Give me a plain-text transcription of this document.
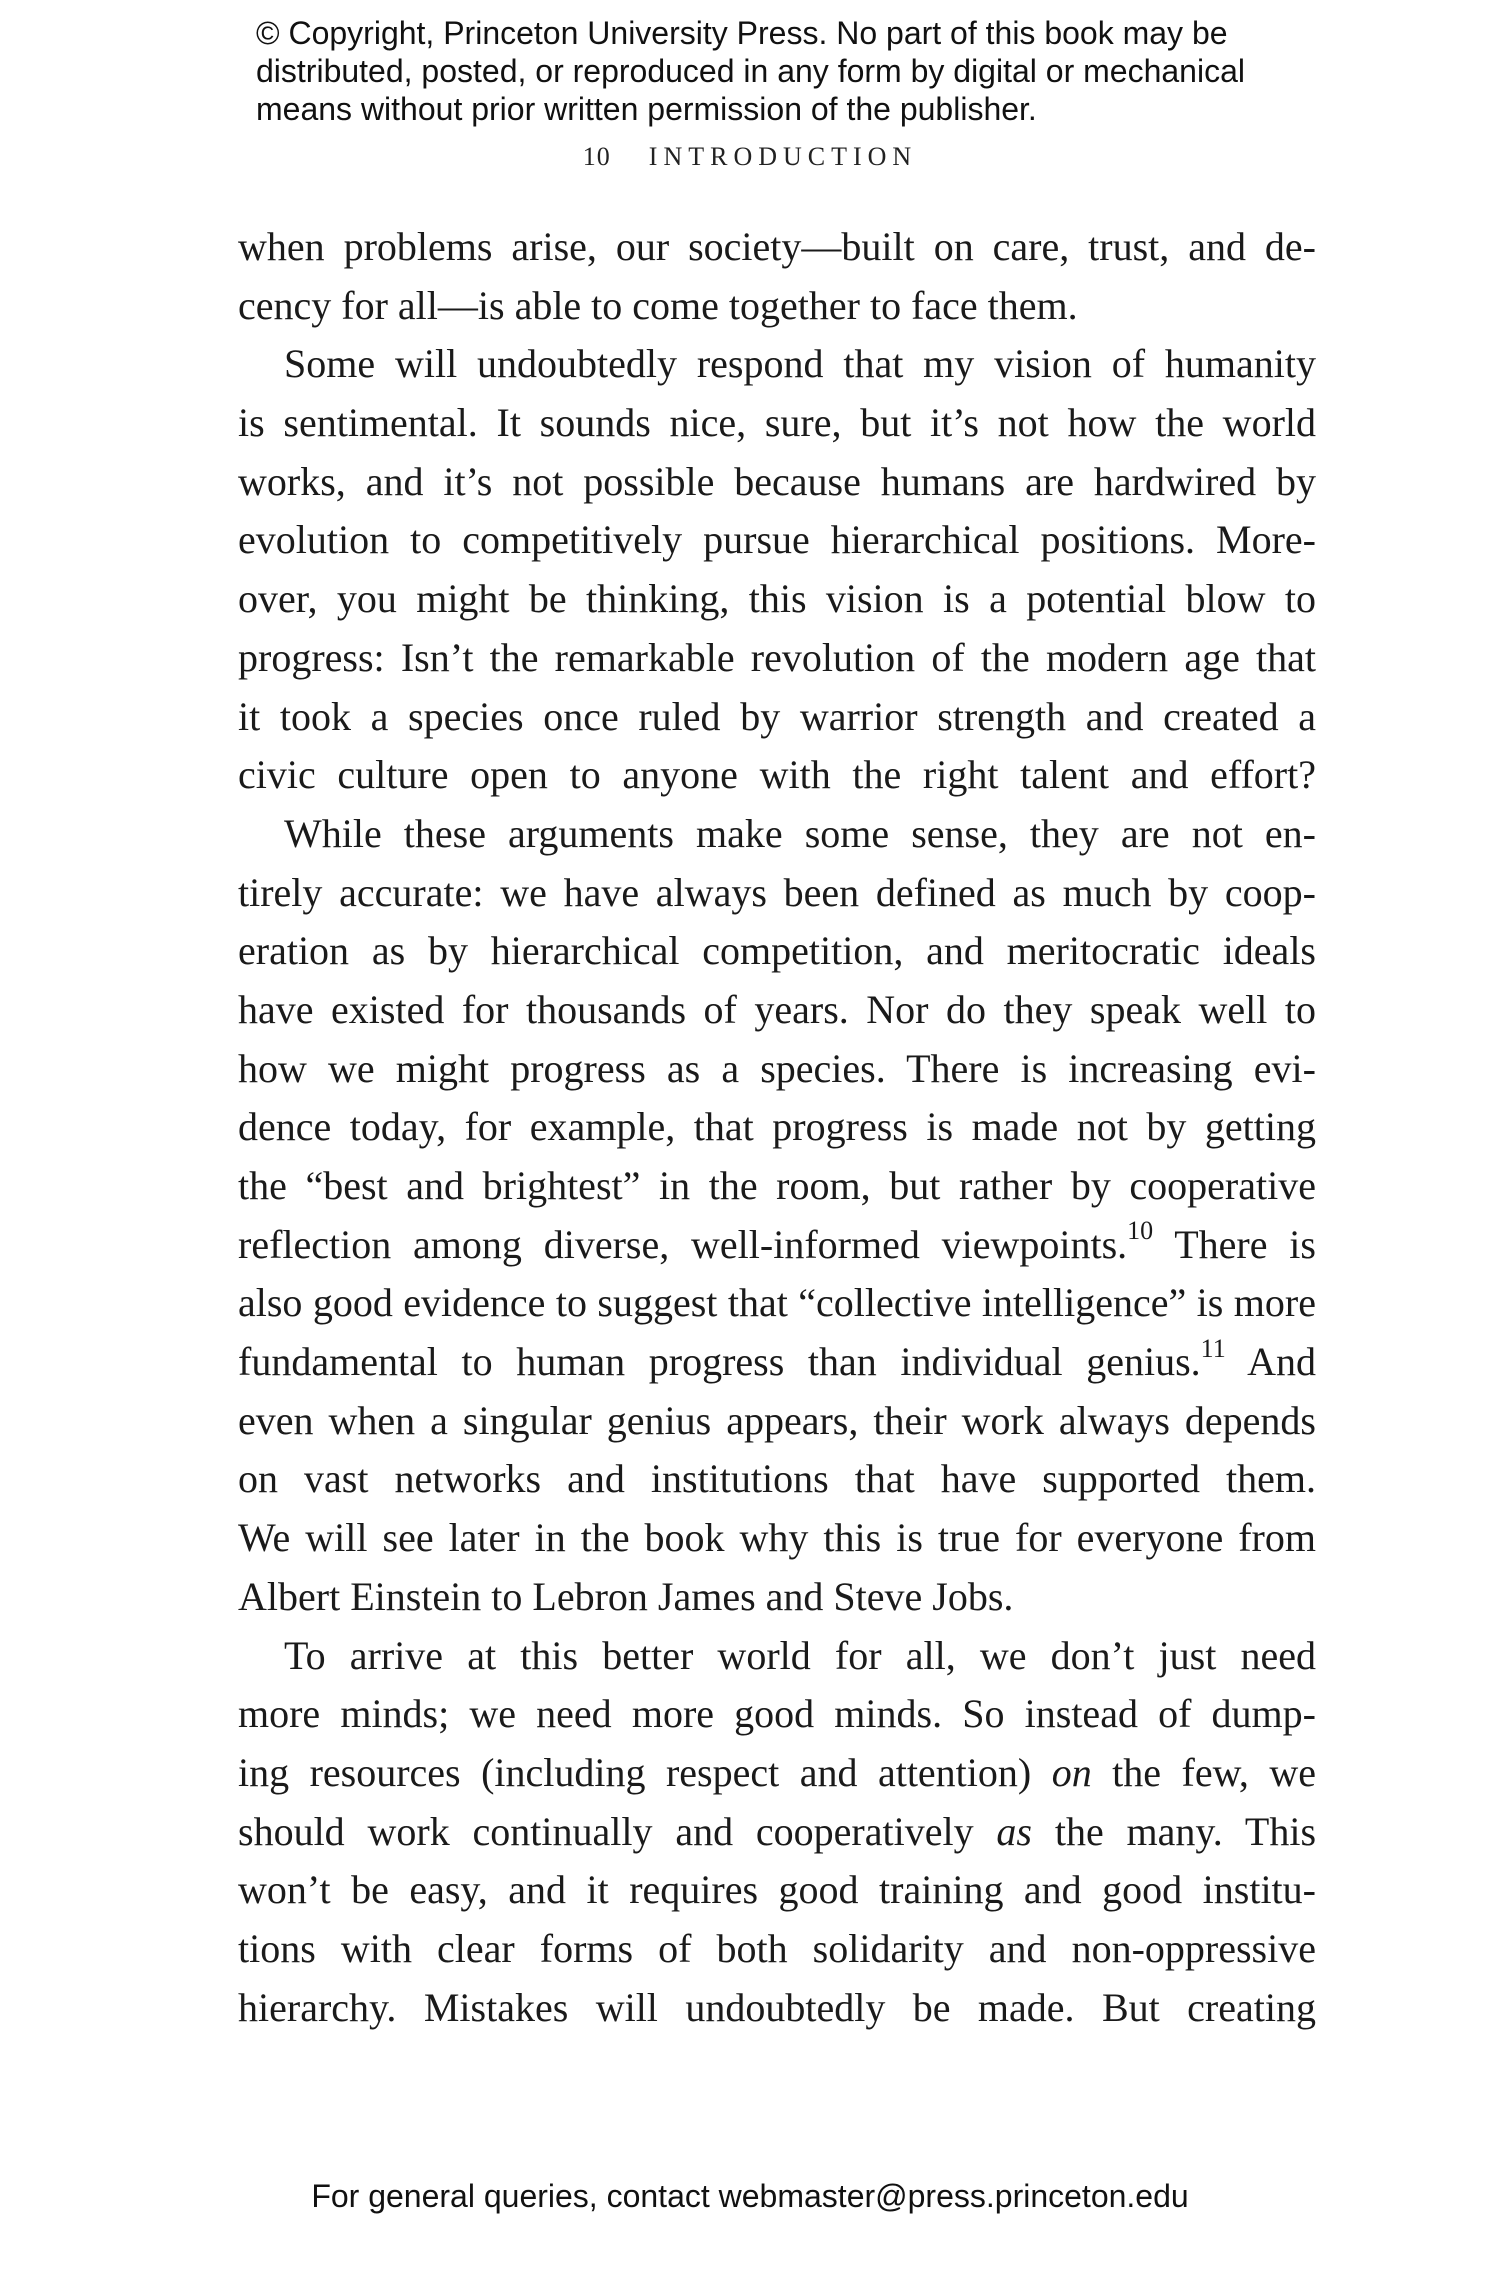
© Copyright, Princeton University Press. No part of this book may be
distributed, posted, or reproduced in any form by digital or mechanical
means without prior written permission of the publisher.
10 INTRODUCTION
when problems arise, our society—built on care, trust, and de-
cency for all—is able to come together to face them.
Some will undoubtedly respond that my vision of humanity
is sentimental. It sounds nice, sure, but it’s not how the world
works, and it’s not possible because humans are hardwired by
evolution to competitively pursue hierarchical positions. More-
over, you might be thinking, this vision is a potential blow to
progress: Isn’t the remarkable revolution of the modern age that
it took a species once ruled by warrior strength and created a
civic culture open to anyone with the right talent and effort?
While these arguments make some sense, they are not en-
tirely accurate: we have always been defined as much by coop-
eration as by hierarchical competition, and meritocratic ideals
have existed for thousands of years. Nor do they speak well to
how we might progress as a species. There is increasing evi-
dence today, for example, that progress is made not by getting
the “best and brightest” in the room, but rather by cooperative
reflection among diverse, well-informed viewpoints.$^{10}$ There is
also good evidence to suggest that “collective intelligence” is more
fundamental to human progress than individual genius.$^{11}$ And
even when a singular genius appears, their work always depends
on vast networks and institutions that have supported them.
We will see later in the book why this is true for everyone from
Albert Einstein to Lebron James and Steve Jobs.
To arrive at this better world for all, we don’t just need
more minds; we need more good minds. So instead of dump-
ing resources (including respect and attention) on the few, we
should work continually and cooperatively as the many. This
won’t be easy, and it requires good training and good institu-
tions with clear forms of both solidarity and non-oppressive
hierarchy. Mistakes will undoubtedly be made. But creating
For general queries, contact webmaster@press.princeton.edu
